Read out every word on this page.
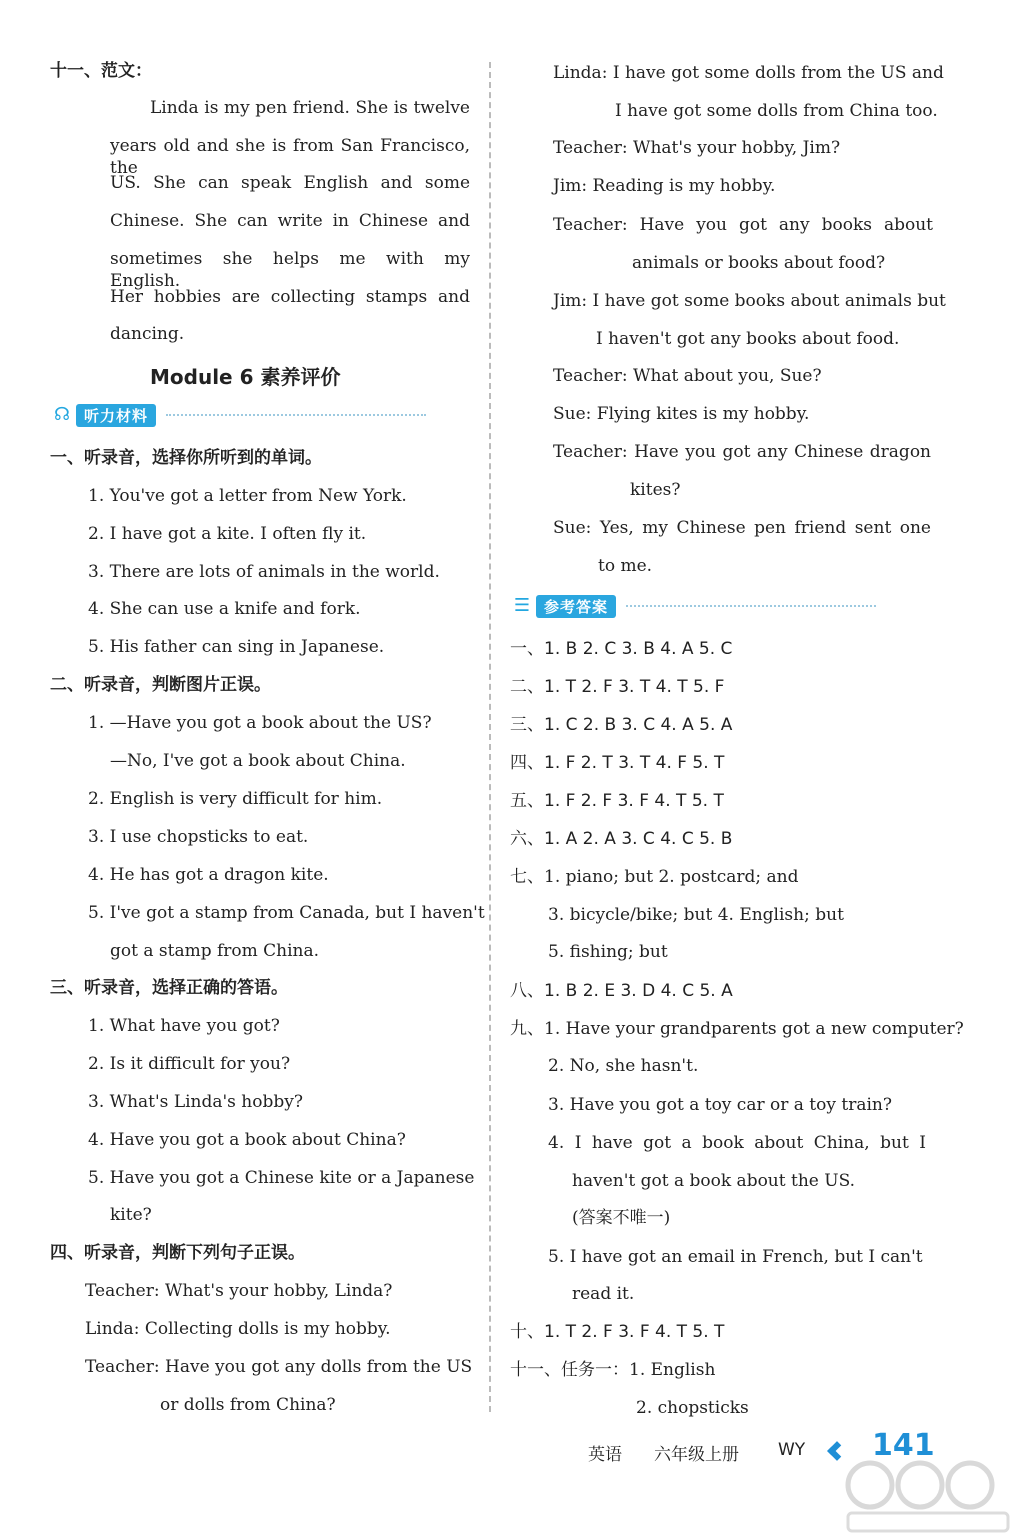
十一、范文：
Linda is my pen friend. She is twelve
years old and she is from San Francisco, the
US. She can speak English and some
Chinese. She can write in Chinese and
sometimes she helps me with my English.
Her hobbies are collecting stamps and
dancing.
一、听录音，选择你所听到的单词。
1. You've got a letter from New York.
2. I have got a kite. I often fly it.
3. There are lots of animals in the world.
4. She can use a knife and fork.
5. His father can sing in Japanese.
二、听录音，判断图片正误。
1. —Have you got a book about the US?
—No, I've got a book about China.
2. English is very difficult for him.
3. I use chopsticks to eat.
4. He has got a dragon kite.
5. I've got a stamp from Canada, but I haven't
got a stamp from China.
三、听录音，选择正确的答语。
1. What have you got?
2. Is it difficult for you?
3. What's Linda's hobby?
4. Have you got a book about China?
5. Have you got a Chinese kite or a Japanese
kite?
四、听录音，判断下列句子正误。
Teacher: What's your hobby, Linda?
Linda: Collecting dolls is my hobby.
Teacher: Have you got any dolls from the US
or dolls from China?
Linda: I have got some dolls from the US and
I have got some dolls from China too.
Teacher: What's your hobby, Jim?
Jim: Reading is my hobby.
Teacher: Have you got any books about
animals or books about food?
Jim: I have got some books about animals but
I haven't got any books about food.
Teacher: What about you, Sue?
Sue: Flying kites is my hobby.
Teacher: Have you got any Chinese dragon
kites?
Sue: Yes, my Chinese pen friend sent one
to me.
一、1. B 2. C 3. B 4. A 5. C
二、1. T 2. F 3. T 4. T 5. F
三、1. C 2. B 3. C 4. A 5. A
四、1. F 2. T 3. T 4. F 5. T
五、1. F 2. F 3. F 4. T 5. T
六、1. A 2. A 3. C 4. C 5. B
七、1. piano; but 2. postcard; and
3. bicycle/bike; but 4. English; but
5. fishing; but
八、1. B 2. E 3. D 4. C 5. A
九、1. Have your grandparents got a new computer?
2. No, she hasn't.
3. Have you got a toy car or a toy train?
4. I have got a book about China, but I
haven't got a book about the US.
(答案不唯一)
5. I have got an email in French, but I can't
read it.
十、1. T 2. F 3. F 4. T 5. T
十一、任务一：1. English
2. chopsticks
Module 6 素养评价
☊ 听力材料
☰ 参考答案
英语 六年级上册 WY 141
